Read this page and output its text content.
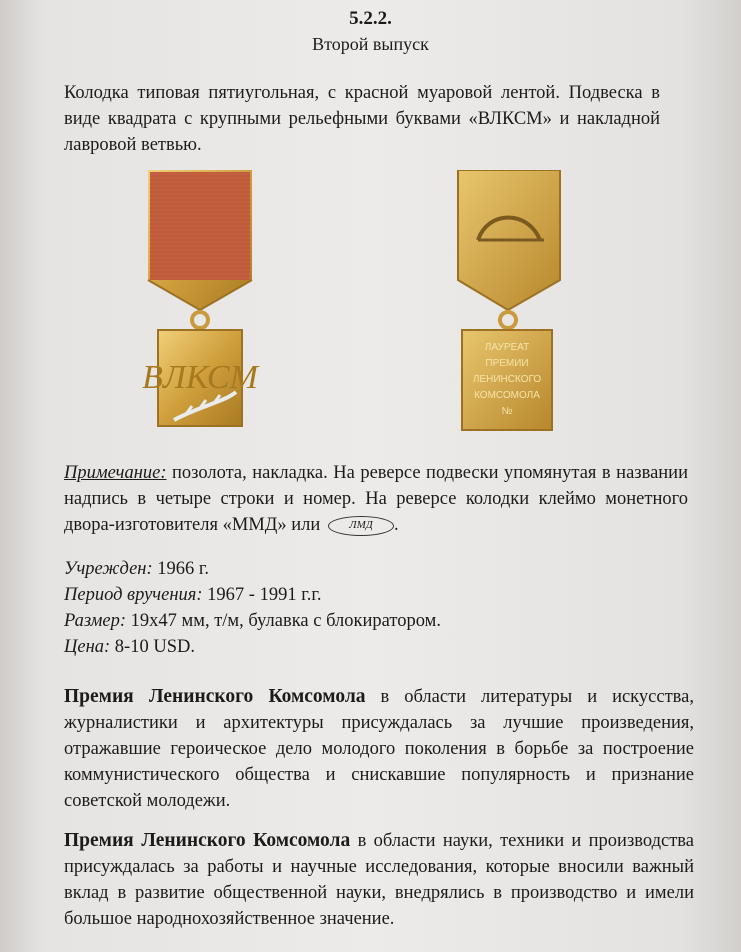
5.2.2.
Второй выпуск

Колодка типовая пятиугольная, с красной муаровой лентой. Подвеска в виде квадрата с крупными рельефными буквами «ВЛКСМ» и накладной лавровой ветвью.

ВЛКСМ
ЛАУРЕАТ ПРЕМИИ ЛЕНИНСКОГО КОМСОМОЛА №

Примечание: позолота, накладка. На реверсе подвески упомянутая в названии надпись в четыре строки и номер. На реверсе колодки клеймо монетного двора-изготовителя «ММД» или ЛМД .

Учрежден: 1966 г.
Период вручения: 1967 - 1991 г.г.
Размер: 19х47 мм, т/м, булавка с блокиратором.
Цена: 8-10 USD.

Премия Ленинского Комсомола в области литературы и искусства, журналистики и архитектуры присуждалась за лучшие произведения, отражавшие героическое дело молодого поколения в борьбе за построение коммунистического общества и снискавшие популярность и признание советской молодежи.

Премия Ленинского Комсомола в области науки, техники и производства присуждалась за работы и научные исследования, которые вносили важный вклад в развитие общественной науки, внедрялись в производство и имели большое народнохозяйственное значение.
